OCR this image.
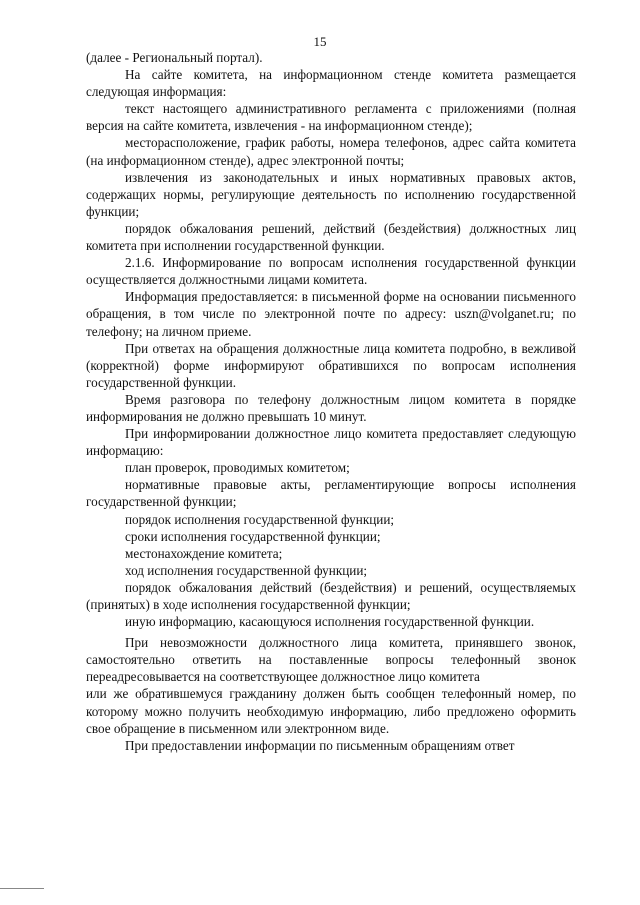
15

(далее - Региональный портал).

На сайте комитета, на информационном стенде комитета размещается следующая информация:

текст настоящего административного регламента с приложениями (полная версия на сайте комитета, извлечения - на информационном стенде);

месторасположение, график работы, номера телефонов, адрес сайта комитета (на информационном стенде), адрес электронной почты;

извлечения из законодательных и иных нормативных правовых актов, содержащих нормы, регулирующие деятельность по исполнению государственной функции;

порядок обжалования решений, действий (бездействия) должностных лиц комитета при исполнении государственной функции.

2.1.6. Информирование по вопросам исполнения государственной функции осуществляется должностными лицами комитета.

Информация предоставляется: в письменной форме на основании письменного обращения, в том числе по электронной почте по адресу: uszn@volganet.ru; по телефону; на личном приеме.

При ответах на обращения должностные лица комитета подробно, в вежливой (корректной) форме информируют обратившихся по вопросам исполнения государственной функции.

Время разговора по телефону должностным лицом комитета в порядке информирования не должно превышать 10 минут.

При информировании должностное лицо комитета предоставляет следующую информацию:

план проверок, проводимых комитетом;

нормативные правовые акты, регламентирующие вопросы исполнения государственной функции;

порядок исполнения государственной функции;

сроки исполнения государственной функции;

местонахождение комитета;

ход исполнения государственной функции;

порядок обжалования действий (бездействия) и решений, осуществляемых (принятых) в ходе исполнения государственной функции;

иную информацию, касающуюся исполнения государственной функции.

При невозможности должностного лица комитета, принявшего звонок, самостоятельно ответить на поставленные вопросы телефонный звонок переадресовывается на соответствующее должностное лицо комитета

или же обратившемуся гражданину должен быть сообщен телефонный номер, по которому можно получить необходимую информацию, либо предложено оформить свое обращение в письменном или электронном виде.

При предоставлении информации по письменным обращениям ответ
